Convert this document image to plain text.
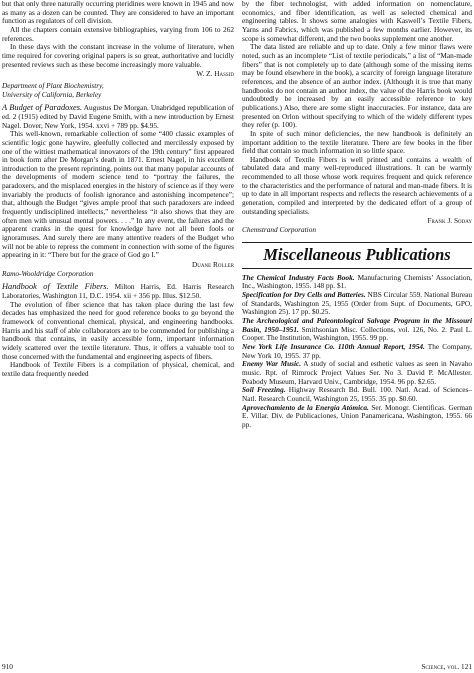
but that only three naturally occurring pteridines were known in 1945 and now as many as a dozen can be counted. They are considered to have an important function as regulators of cell division.

All the chapters contain extensive bibliographies, varying from 106 to 262 references.

In these days with the constant increase in the volume of literature, when time required for covering original papers is so great, authoritative and lucidly presented reviews such as these become increasingly more valuable.

W. Z. Hassid

Department of Plant Biochemistry,
University of California, Berkeley

A Budget of Paradoxes. Augustus De Morgan. Unabridged republication of ed. 2 (1915) edited by David Eugene Smith, with a new introduction by Ernest Nagel. Dover, New York, 1954. xxvi + 789 pp. $4.95.

This well-known, remarkable collection of some “400 classic examples of scientific logic gone haywire, gleefully collected and mercilessly exposed by one of the wittiest mathematical innovators of the 19th century” first appeared in book form after De Morgan’s death in 1871. Ernest Nagel, in his excellent introduction to the present reprinting, points out that many popular accounts of the developments of modern science tend to “portray the failures, the paradoxers, and the misplaced energies in the history of science as if they were invariably the products of foolish ignorance and astonishing incompetence”; that, although the Budget “gives ample proof that such paradoxers are indeed frequently undisciplined intellects,” nevertheless “it also shows that they are often men with unusual mental powers. . . .” In any event, the failures and the apparent cranks in the quest for knowledge have not all been fools or ignoramuses. And surely there are many attentive readers of the Budget who will not be able to repress the comment in connection with some of the figures appearing in it: “There but for the grace of God go I.”

Duane Roller

Ramo-Wooldridge Corporation

Handbook of Textile Fibers. Milton Harris, Ed. Harris Research Laboratories, Washington 11, D.C. 1954. xii + 356 pp. Illus. $12.50.

The evolution of fiber science that has taken place during the last few decades has emphasized the need for good reference books to go beyond the framework of conventional chemical, physical, and engineering handbooks. Harris and his staff of able collaborators are to be commended for publishing a handbook that contains, in easily accessible form, important information widely scattered over the textile literature. Thus, it offers a valuable tool to those concerned with the fundamental and engineering aspects of fibers.

Handbook of Textile Fibers is a compilation of physical, chemical, and textile data frequently needed

by the fiber technologist, with added information on nomenclature, economics, and fiber identification, as well as selected chemical and engineering tables. It shows some analogies with Kaswell’s Textile Fibers, Yarns and Fabrics, which was published a few months earlier. However, its scope is somewhat different, and the two books supplement one another.

The data listed are reliable and up to date. Only a few minor flaws were noted, such as an incomplete “List of textile periodicals,” a list of “Man-made fibers” that is not completely up to date (although some of the missing items may be found elsewhere in the book), a scarcity of foreign language literature references, and the absence of an author index. (Although it is true that many handbooks do not contain an author index, the value of the Harris book would undoubtedly be increased by an easily accessible reference to key publications.) Also, there are some slight inaccuracies. For instance, data are presented on Orlon without specifying to which of the widely different types they refer (p. 100).

In spite of such minor deficiencies, the new handbook is definitely an important addition to the textile literature. There are few books in the fiber field that contain so much information in so little space.

Handbook of Textile Fibers is well printed and contains a wealth of tabulated data and many well-reproduced illustrations. It can be warmly recommended to all those whose work requires frequent and quick reference to the characteristics and the performance of natural and man-made fibers. It is up to date in all important respects and reflects the research achievements of a generation, compiled and interpreted by the dedicated effort of a group of outstanding specialists.

Frank J. Soday

Chemstrand Corporation

Miscellaneous Publications

The Chemical Industry Facts Book. Manufacturing Chemists’ Association, Inc., Washington, 1955. 148 pp. $1.

Specification for Dry Cells and Batteries. NBS Circular 559. National Bureau of Standards, Washington 25, 1955 (Order from Supt. of Documents, GPO, Washington 25). 17 pp. $0.25.

The Archeological and Paleontological Salvage Program in the Missouri Basin, 1950–1951. Smithsonian Misc. Collections, vol. 126, No. 2. Paul L. Cooper. The Institution, Washington, 1955. 99 pp.

New York Life Insurance Co. 110th Annual Report, 1954. The Company, New York 10, 1955. 37 pp.

Enemy War Music. A study of social and esthetic values as seen in Navaho music. Rpt. of Rimrock Project Values Ser. No 3. David P. McAllester. Peabody Museum, Harvard Univ., Cambridge, 1954. 96 pp. $2.65.

Soil Freezing. Highway Research Bd. Bull. 100. Natl. Acad. of Sciences–Natl. Research Council, Washington 25, 1955. 35 pp. $0.60.

Aprovechamiento de la Energía Atómica. Ser. Monogr. Cientificas. German E. Villar. Div. de Publicaciones, Union Panamericana, Washington, 1955. 66 pp.

910	Science, vol. 121
